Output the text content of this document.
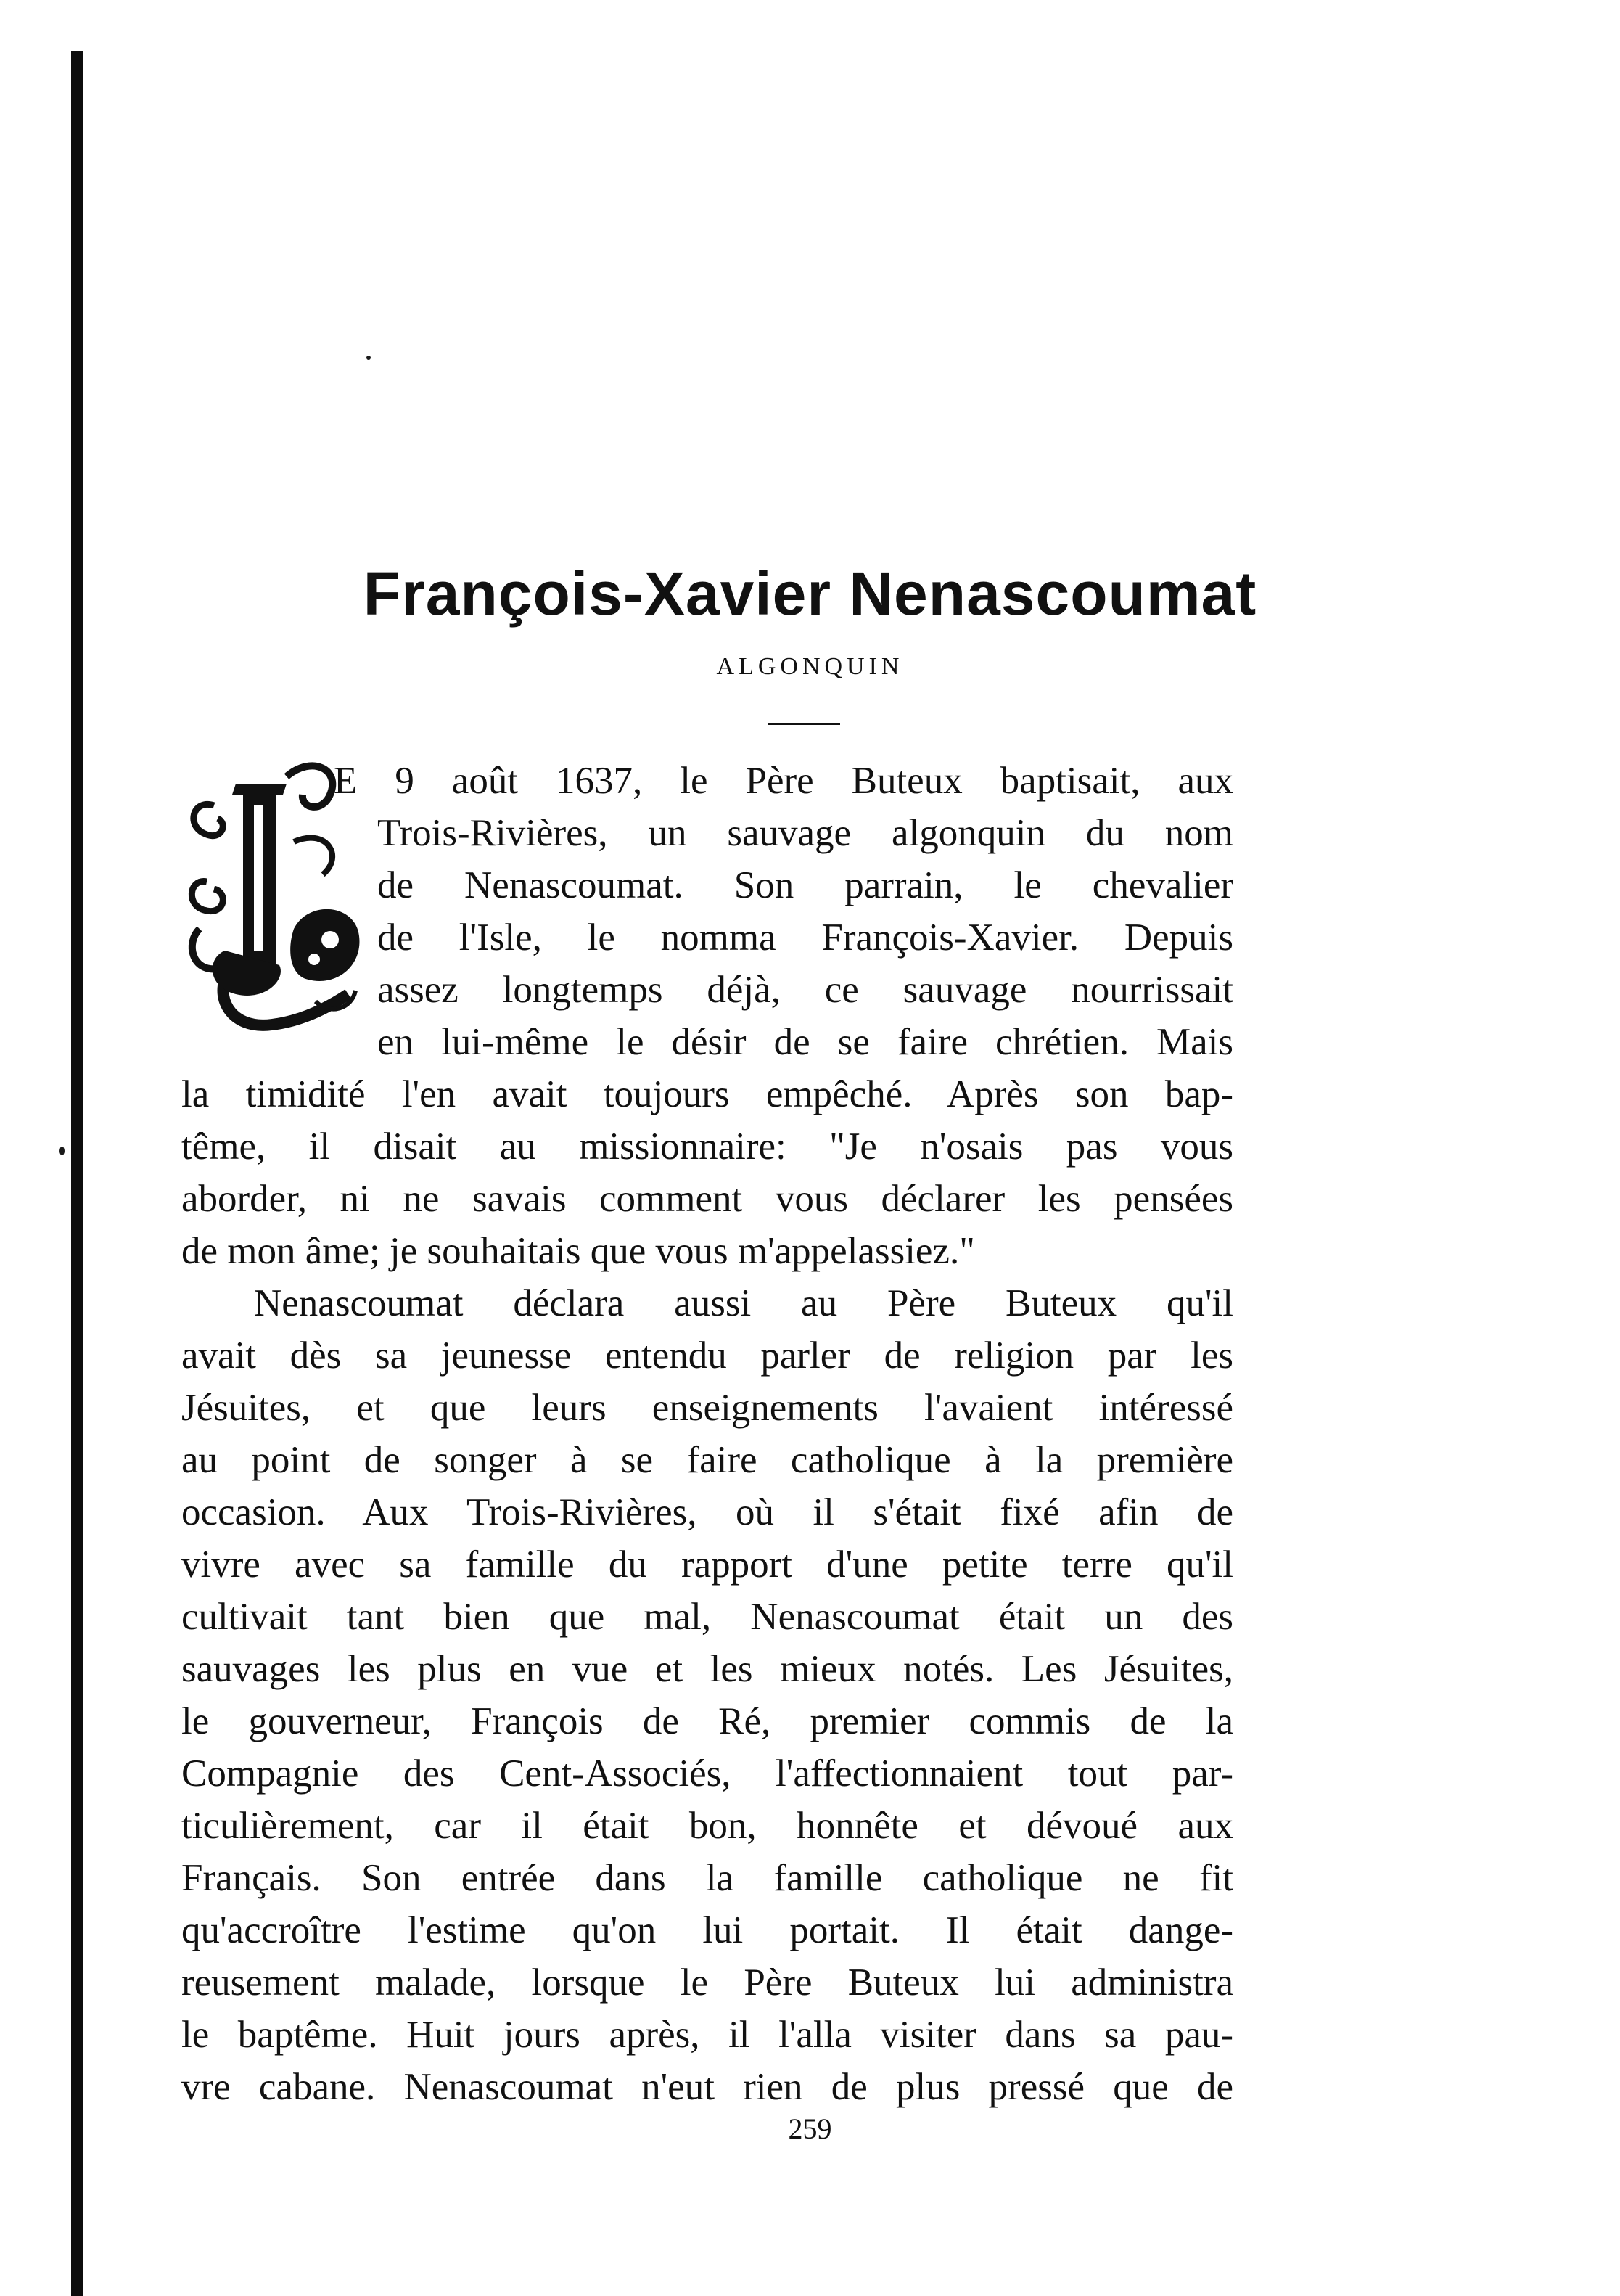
François-Xavier Nenascoumat
ALGONQUIN
E 9 août 1637, le Père Buteux baptisait, aux
Trois-Rivières, un sauvage algonquin du nom
de Nenascoumat. Son parrain, le chevalier
de l'Isle, le nomma François-Xavier. Depuis
assez longtemps déjà, ce sauvage nourrissait
en lui-même le désir de se faire chrétien. Mais
la timidité l'en avait toujours empêché. Après son bap-
tême, il disait au missionnaire: "Je n'osais pas vous
aborder, ni ne savais comment vous déclarer les pensées
de mon âme; je souhaitais que vous m'appelassiez."
Nenascoumat déclara aussi au Père Buteux qu'il
avait dès sa jeunesse entendu parler de religion par les
Jésuites, et que leurs enseignements l'avaient intéressé
au point de songer à se faire catholique à la première
occasion. Aux Trois-Rivières, où il s'était fixé afin de
vivre avec sa famille du rapport d'une petite terre qu'il
cultivait tant bien que mal, Nenascoumat était un des
sauvages les plus en vue et les mieux notés. Les Jésuites,
le gouverneur, François de Ré, premier commis de la
Compagnie des Cent-Associés, l'affectionnaient tout par-
ticulièrement, car il était bon, honnête et dévoué aux
Français. Son entrée dans la famille catholique ne fit
qu'accroître l'estime qu'on lui portait. Il était dange-
reusement malade, lorsque le Père Buteux lui administra
le baptême. Huit jours après, il l'alla visiter dans sa pau-
vre cabane. Nenascoumat n'eut rien de plus pressé que de
259
